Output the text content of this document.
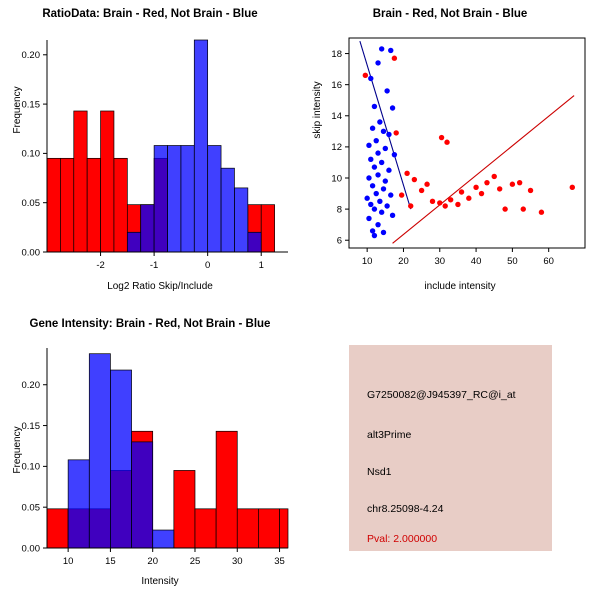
RatioData: Brain - Red, Not Brain - Blue
Frequency
Log2 Ratio Skip/Include
0.00
0.05
0.10
0.15
0.20
-2	-1	0	1
Brain - Red, Not Brain - Blue
skip intensity
include intensity
6
8
10
12
14
16
18
10	20	30	40	50	60
Gene Intensity: Brain - Red, Not Brain - Blue
Frequency
Intensity
0.00
0.05
0.10
0.15
0.20
10	15	20	25	30	35
G7250082@J945397_RC@i_at
alt3Prime
Nsd1
chr8.25098-4.24
Pval: 2.000000
